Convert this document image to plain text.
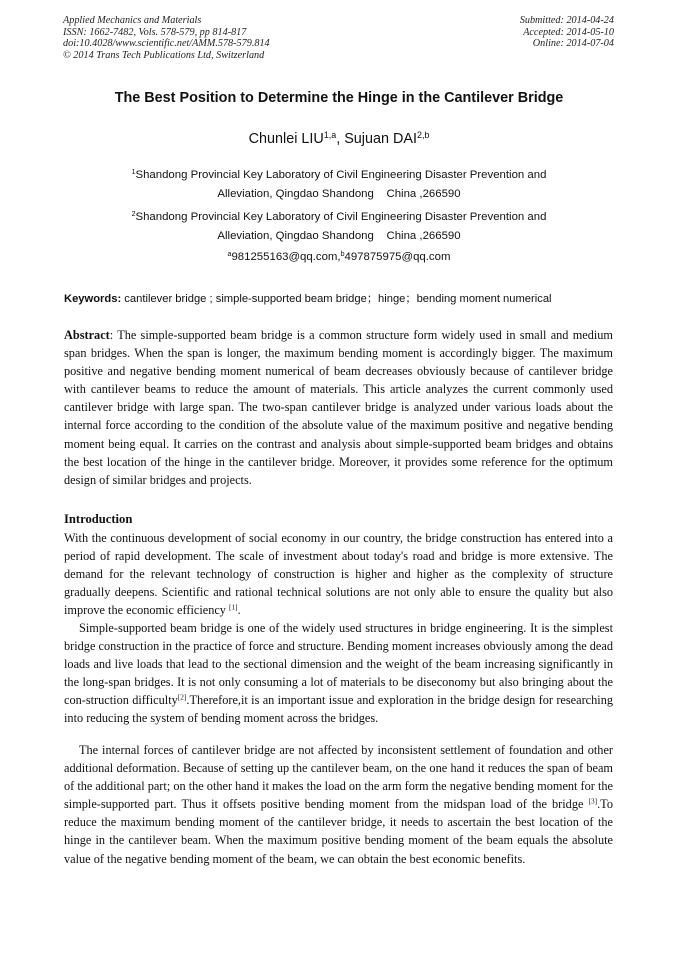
Applied Mechanics and Materials
ISSN: 1662-7482, Vols. 578-579, pp 814-817
doi:10.4028/www.scientific.net/AMM.578-579.814
© 2014 Trans Tech Publications Ltd, Switzerland
Submitted: 2014-04-24
Accepted: 2014-05-10
Online: 2014-07-04
The Best Position to Determine the Hinge in the Cantilever Bridge
Chunlei LIU$^{1,a}$, Sujuan DAI$^{2,b}$
$^1$Shandong Provincial Key Laboratory of Civil Engineering Disaster Prevention and
Alleviation, Qingdao Shandong    China ,266590
$^2$Shandong Provincial Key Laboratory of Civil Engineering Disaster Prevention and
Alleviation, Qingdao Shandong    China ,266590
$^a$981255163@qq.com,$^b$497875975@qq.com
Keywords: cantilever bridge ; simple-supported beam bridge；hinge；bending moment numerical

Abstract: The simple-supported beam bridge is a common structure form widely used in small and medium span bridges. When the span is longer, the maximum bending moment is accordingly bigger. The maximum positive and negative bending moment numerical of beam decreases obviously because of cantilever bridge with cantilever beams to reduce the amount of materials. This article analyzes the current commonly used cantilever bridge with large span. The two-span cantilever bridge is analyzed under various loads about the internal force according to the condition of the absolute value of the maximum positive and negative bending moment being equal. It carries on the contrast and analysis about simple-supported beam bridges and obtains the best location of the hinge in the cantilever bridge. Moreover, it provides some reference for the optimum design of similar bridges and projects.

Introduction

With the continuous development of social economy in our country, the bridge construction has entered into a period of rapid development. The scale of investment about today's road and bridge is more extensive. The demand for the relevant technology of construction is higher and higher as the complexity of structure gradually deepens. Scientific and rational technical solutions are not only able to ensure the quality but also improve the economic efficiency [1].

Simple-supported beam bridge is one of the widely used structures in bridge engineering. It is the simplest bridge construction in the practice of force and structure. Bending moment increases obviously among the dead loads and live loads that lead to the sectional dimension and the weight of the beam increasing significantly in the long-span bridges. It is not only consuming a lot of materials to be diseconomy but also bringing about the con-struction difficulty[2].Therefore,it is an important issue and exploration in the bridge design for researching into reducing the system of bending moment across the bridges.

The internal forces of cantilever bridge are not affected by inconsistent settlement of foundation and other additional deformation. Because of setting up the cantilever beam, on the one hand it reduces the span of beam of the additional part; on the other hand it makes the load on the arm form the negative bending moment for the simple-supported part. Thus it offsets positive bending moment from the midspan load of the bridge [3].To reduce the maximum bending moment of the cantilever bridge, it needs to ascertain the best location of the hinge in the cantilever beam. When the maximum positive bending moment of the beam equals the absolute value of the negative bending moment of the beam, we can obtain the best economic benefits.
